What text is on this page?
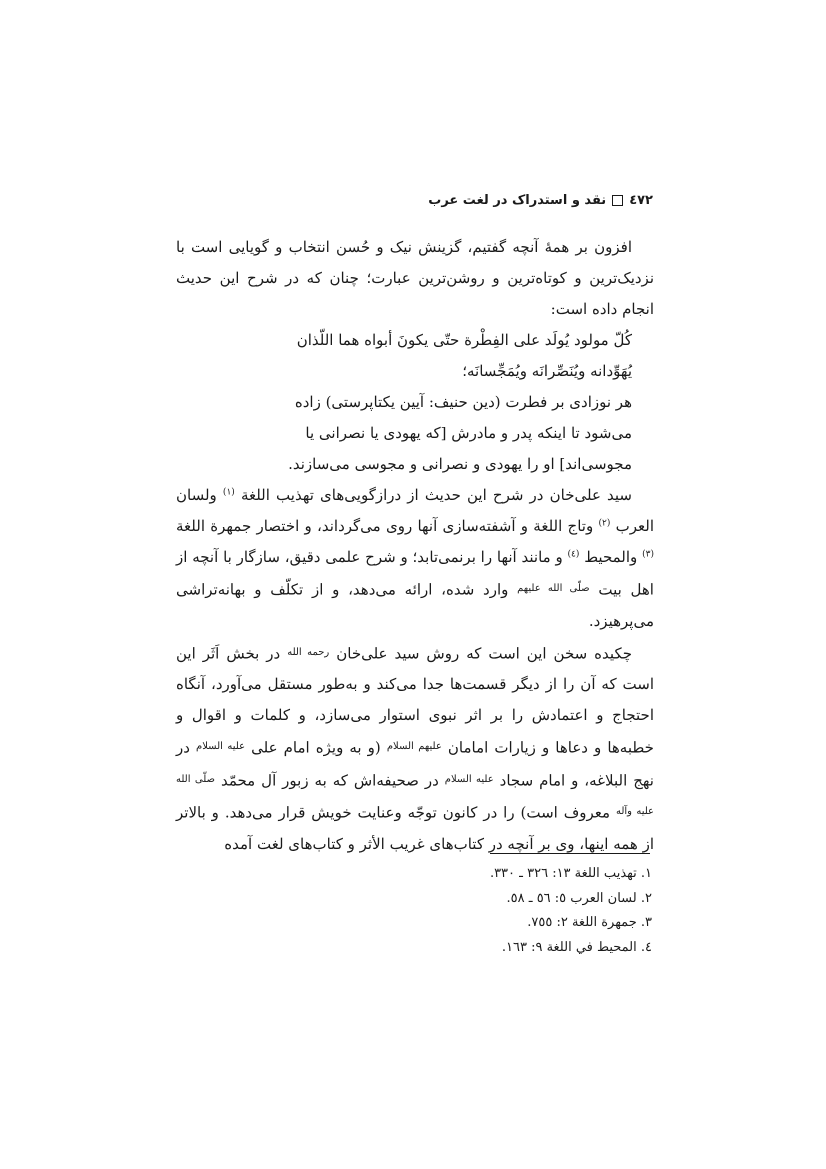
٤٧٢
نقد و استدراک در لغت عرب

افزون بر همهٔ آنچه گفتیم، گزینش نیک و حُسن انتخاب و گویایی است با نزدیک‌ترین و کوتاه‌ترین و روشن‌ترین عبارت؛ چنان که در شرح این حدیث انجام داده است:

كُلّ مولود يُولَد على الفِطْرة حتّى يكونَ أبواه هما اللّذان يُهَوِّدانه ويُنَصِّرانَه ويُمَجِّسانَه؛

هر نوزادی بر فطرت (دین حنیف: آیین یکتاپرستی) زاده می‌شود تا اینکه پدر و مادرش [که یهودی یا نصرانی یا مجوسی‌اند] او را یهودی و نصرانی و مجوسی می‌سازند.

سید علی‌خان در شرح این حدیث از درازگویی‌های تهذیب اللغة $^{(١)}$ ولسان العرب $^{(٢)}$ وتاج اللغة و آشفته‌سازی آنها روی می‌گرداند، و اختصار جمهرة اللغة $^{(٣)}$ والمحیط $^{(٤)}$ و مانند آنها را برنمی‌تابد؛ و شرح علمی دقیق، سازگار با آنچه از اهل بیت $^{صلّی الله علیهم}$ وارد شده، ارائه می‌دهد، و از تکلّف و بهانه‌تراشی می‌پرهیزد.

چکیده سخن این است که روش سید علی‌خان $^{رحمه الله}$ در بخش اَثَر این است که آن را از دیگر قسمت‌ها جدا می‌کند و به‌طور مستقل می‌آورد، آنگاه احتجاج و اعتمادش را بر اثر نبوی استوار می‌سازد، و کلمات و اقوال و خطبه‌ها و دعاها و زیارات امامان $^{علیهم السلام}$ (و به ویژه امام علی $^{علیه السلام}$ در نهج البلاغه، و امام سجاد $^{علیه السلام}$ در صحیفه‌اش که به زبور آل محمّد $^{صلّی الله علیه وآله}$ معروف است) را در کانون توجّه وعنایت خویش قرار می‌دهد. و بالاتر از همه اینها، وی بر آنچه در کتاب‌های غریب الأثر و کتاب‌های لغت آمده

١. تهذيب اللغة ١٣: ٣٢٦ ـ ٣٣٠.
٢. لسان العرب ٥: ٥٦ ـ ٥٨.
٣. جمهرة اللغة ٢: ٧٥٥.
٤. المحيط في اللغة ٩: ١٦٣.
